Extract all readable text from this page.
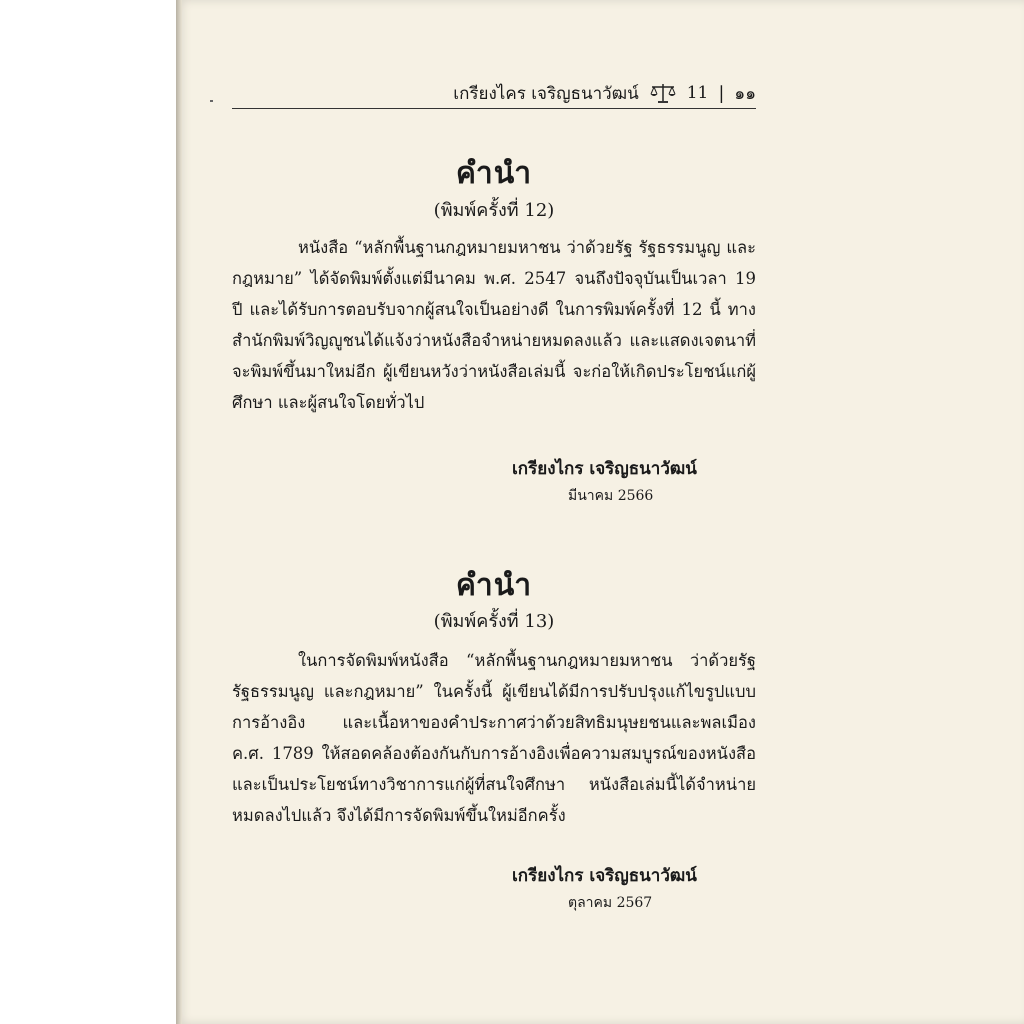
เกรียงไคร เจริญธนาวัฒน์	11 | ๑๑
คำนำ
(พิมพ์ครั้งที่ 12)

หนังสือ “หลักพื้นฐานกฎหมายมหาชน ว่าด้วยรัฐ รัฐธรรมนูญ และกฎหมาย” ได้จัดพิมพ์ตั้งแต่มีนาคม พ.ศ. 2547 จนถึงปัจจุบันเป็นเวลา 19 ปี และได้รับการตอบรับจากผู้สนใจเป็นอย่างดี ในการพิมพ์ครั้งที่ 12 นี้ ทางสำนักพิมพ์วิญญูชนได้แจ้งว่าหนังสือจำหน่ายหมดลงแล้ว และแสดงเจตนาที่จะพิมพ์ขึ้นมาใหม่อีก ผู้เขียนหวังว่าหนังสือเล่มนี้ จะก่อให้เกิดประโยชน์แก่ผู้ศึกษา และผู้สนใจโดยทั่วไป

เกรียงไกร เจริญธนาวัฒน์
มีนาคม 2566
คำนำ
(พิมพ์ครั้งที่ 13)

ในการจัดพิมพ์หนังสือ “หลักพื้นฐานกฎหมายมหาชน ว่าด้วยรัฐ รัฐธรรมนูญ และกฎหมาย” ในครั้งนี้ ผู้เขียนได้มีการปรับปรุงแก้ไขรูปแบบการอ้างอิง และเนื้อหาของคำประกาศว่าด้วยสิทธิมนุษยชนและพลเมือง ค.ศ. 1789 ให้สอดคล้องต้องกันกับการอ้างอิงเพื่อความสมบูรณ์ของหนังสือและเป็นประโยชน์ทางวิชาการแก่ผู้ที่สนใจศึกษา หนังสือเล่มนี้ได้จำหน่ายหมดลงไปแล้ว จึงได้มีการจัดพิมพ์ขึ้นใหม่อีกครั้ง

เกรียงไกร เจริญธนาวัฒน์
ตุลาคม 2567
